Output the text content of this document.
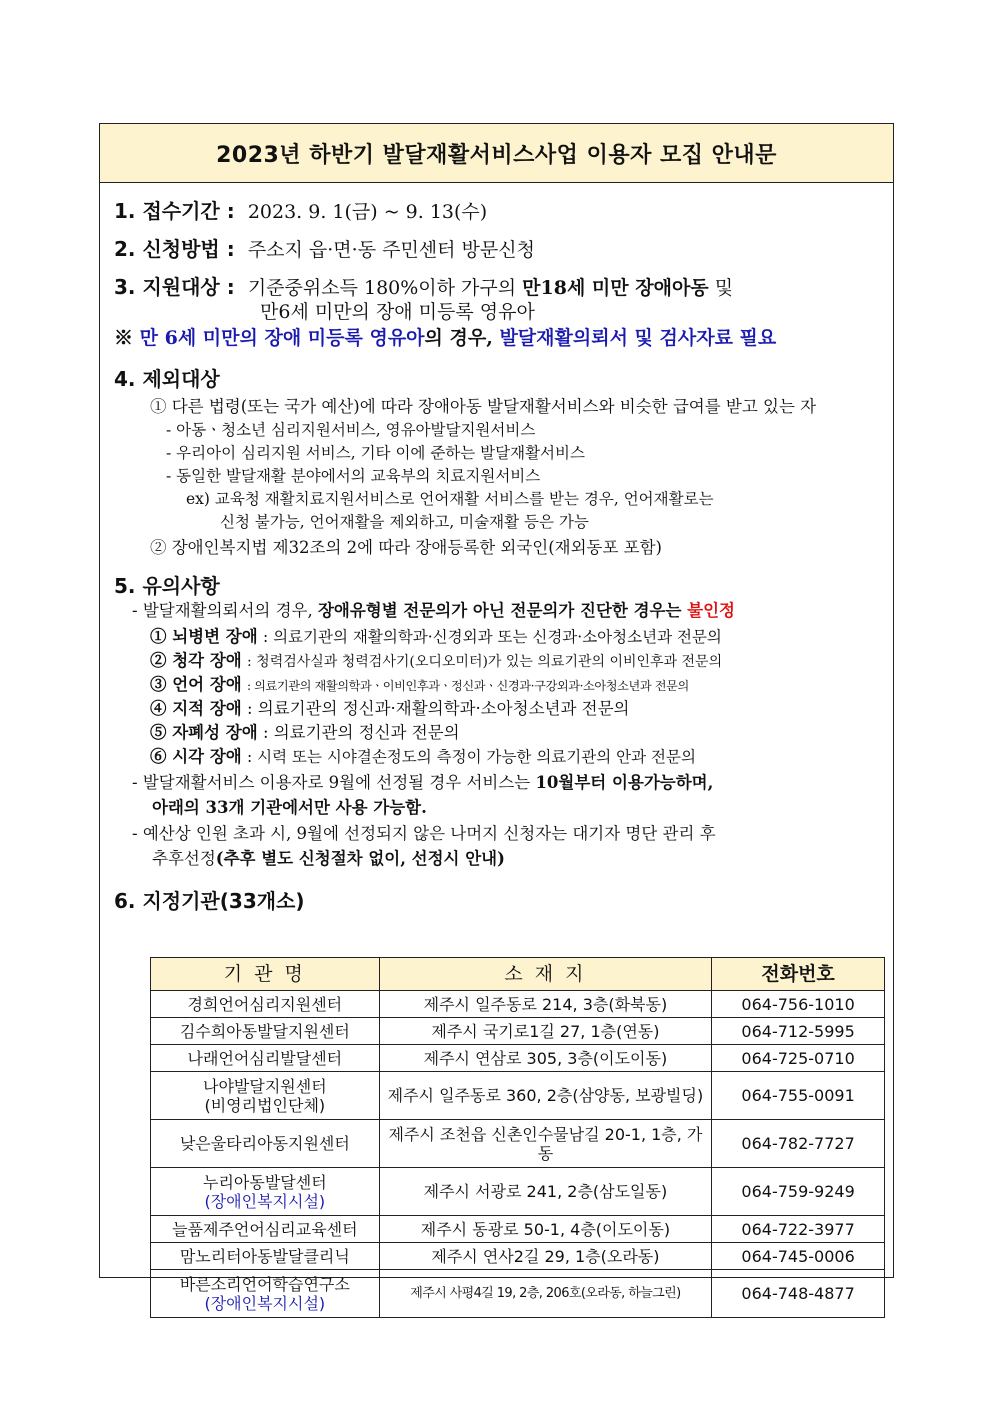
2023년 하반기 발달재활서비스사업 이용자 모집 안내문
1. 접수기간 : 2023. 9. 1(금) ~ 9. 13(수)
2. 신청방법 : 주소지 읍·면·동 주민센터 방문신청
3. 지원대상 : 기준중위소득 180%이하 가구의 만18세 미만 장애아동 및
만6세 미만의 장애 미등록 영유아
※ 만 6세 미만의 장애 미등록 영유아의 경우, 발달재활의뢰서 및 검사자료 필요
4. 제외대상
① 다른 법령(또는 국가 예산)에 따라 장애아동 발달재활서비스와 비슷한 급여를 받고 있는 자
- 아동ㆍ청소년 심리지원서비스, 영유아발달지원서비스
- 우리아이 심리지원 서비스, 기타 이에 준하는 발달재활서비스
- 동일한 발달재활 분야에서의 교육부의 치료지원서비스
ex) 교육청 재활치료지원서비스로 언어재활 서비스를 받는 경우, 언어재활로는
신청 불가능, 언어재활을 제외하고, 미술재활 등은 가능
② 장애인복지법 제32조의 2에 따라 장애등록한 외국인(재외동포 포함)
5. 유의사항
- 발달재활의뢰서의 경우, 장애유형별 전문의가 아닌 전문의가 진단한 경우는 불인정
① 뇌병변 장애 : 의료기관의 재활의학과·신경외과 또는 신경과·소아청소년과 전문의
② 청각 장애 : 청력검사실과 청력검사기(오디오미터)가 있는 의료기관의 이비인후과 전문의
③ 언어 장애 : 의료기관의 재활의학과ㆍ이비인후과ㆍ정신과ㆍ신경과·구강외과·소아청소년과 전문의
④ 지적 장애 : 의료기관의 정신과·재활의학과·소아청소년과 전문의
⑤ 자폐성 장애 : 의료기관의 정신과 전문의
⑥ 시각 장애 : 시력 또는 시야결손정도의 측정이 가능한 의료기관의 안과 전문의
- 발달재활서비스 이용자로 9월에 선정될 경우 서비스는 10월부터 이용가능하며,
아래의 33개 기관에서만 사용 가능함.
- 예산상 인원 초과 시, 9월에 선정되지 않은 나머지 신청자는 대기자 명단 관리 후
추후선정(추후 별도 신청절차 없이, 선정시 안내)
6. 지정기관(33개소)
기 관 명	소 재 지	전화번호
경희언어심리지원센터	제주시 일주동로 214, 3층(화북동)	064-756-1010
김수희아동발달지원센터	제주시 국기로1길 27, 1층(연동)	064-712-5995
나래언어심리발달센터	제주시 연삼로 305, 3층(이도이동)	064-725-0710

나야발달지원센터
(비영리법인단체)	제주시 일주동로 360, 2층(삼양동, 보광빌딩)	064-755-0091
낮은울타리아동지원센터	제주시 조천읍 신촌인수물남길 20-1, 1층, 가동	064-782-7727

누리아동발달센터
(장애인복지시설)	제주시 서광로 241, 2층(삼도일동)	064-759-9249
늘품제주언어심리교육센터	제주시 동광로 50-1, 4층(이도이동)	064-722-3977
맘노리터아동발달클리닉	제주시 연사2길 29, 1층(오라동)	064-745-0006

바른소리언어학습연구소
(장애인복지시설)	제주시 사평4길 19, 2층, 206호(오라동, 하늘그린)	064-748-4877
